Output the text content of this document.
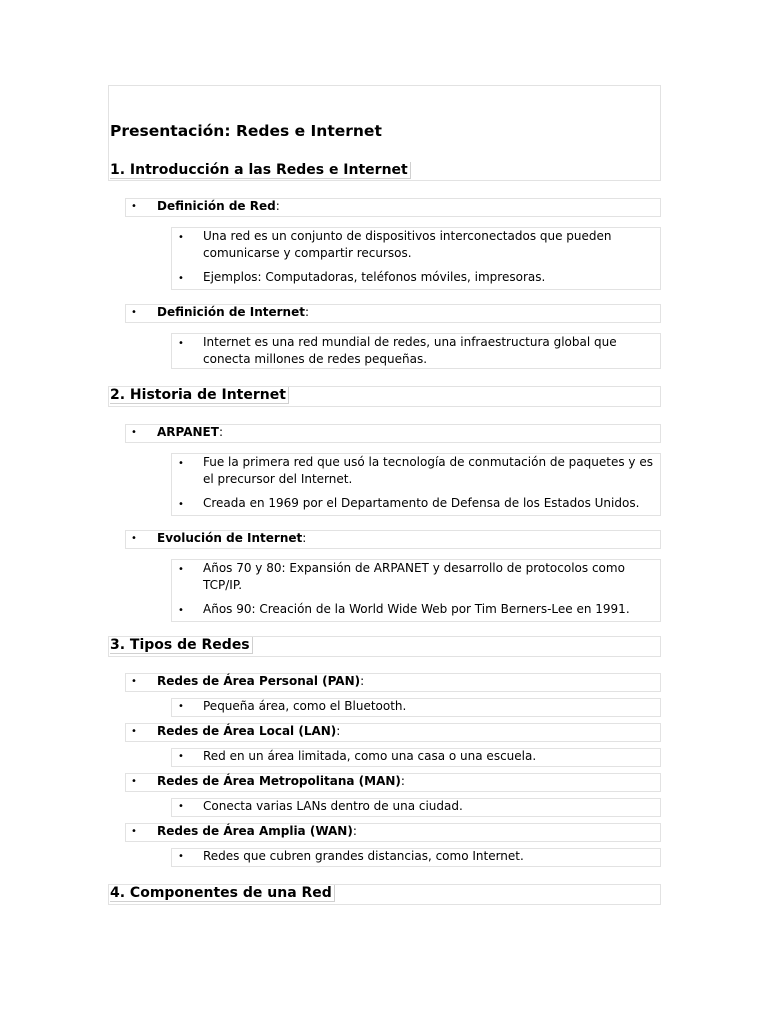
Presentación: Redes e Internet
1. Introducción a las Redes e Internet
• Definición de Red:
• Una red es un conjunto de dispositivos interconectados que pueden comunicarse y compartir recursos.
• Ejemplos: Computadoras, teléfonos móviles, impresoras.
• Definición de Internet:
• Internet es una red mundial de redes, una infraestructura global que conecta millones de redes pequeñas.
2. Historia de Internet
• ARPANET:
• Fue la primera red que usó la tecnología de conmutación de paquetes y es el precursor del Internet.
• Creada en 1969 por el Departamento de Defensa de los Estados Unidos.
• Evolución de Internet:
• Años 70 y 80: Expansión de ARPANET y desarrollo de protocolos como TCP/IP.
• Años 90: Creación de la World Wide Web por Tim Berners-Lee en 1991.
3. Tipos de Redes
• Redes de Área Personal (PAN):
• Pequeña área, como el Bluetooth.
• Redes de Área Local (LAN):
• Red en un área limitada, como una casa o una escuela.
• Redes de Área Metropolitana (MAN):
• Conecta varias LANs dentro de una ciudad.
• Redes de Área Amplia (WAN):
• Redes que cubren grandes distancias, como Internet.
4. Componentes de una Red
